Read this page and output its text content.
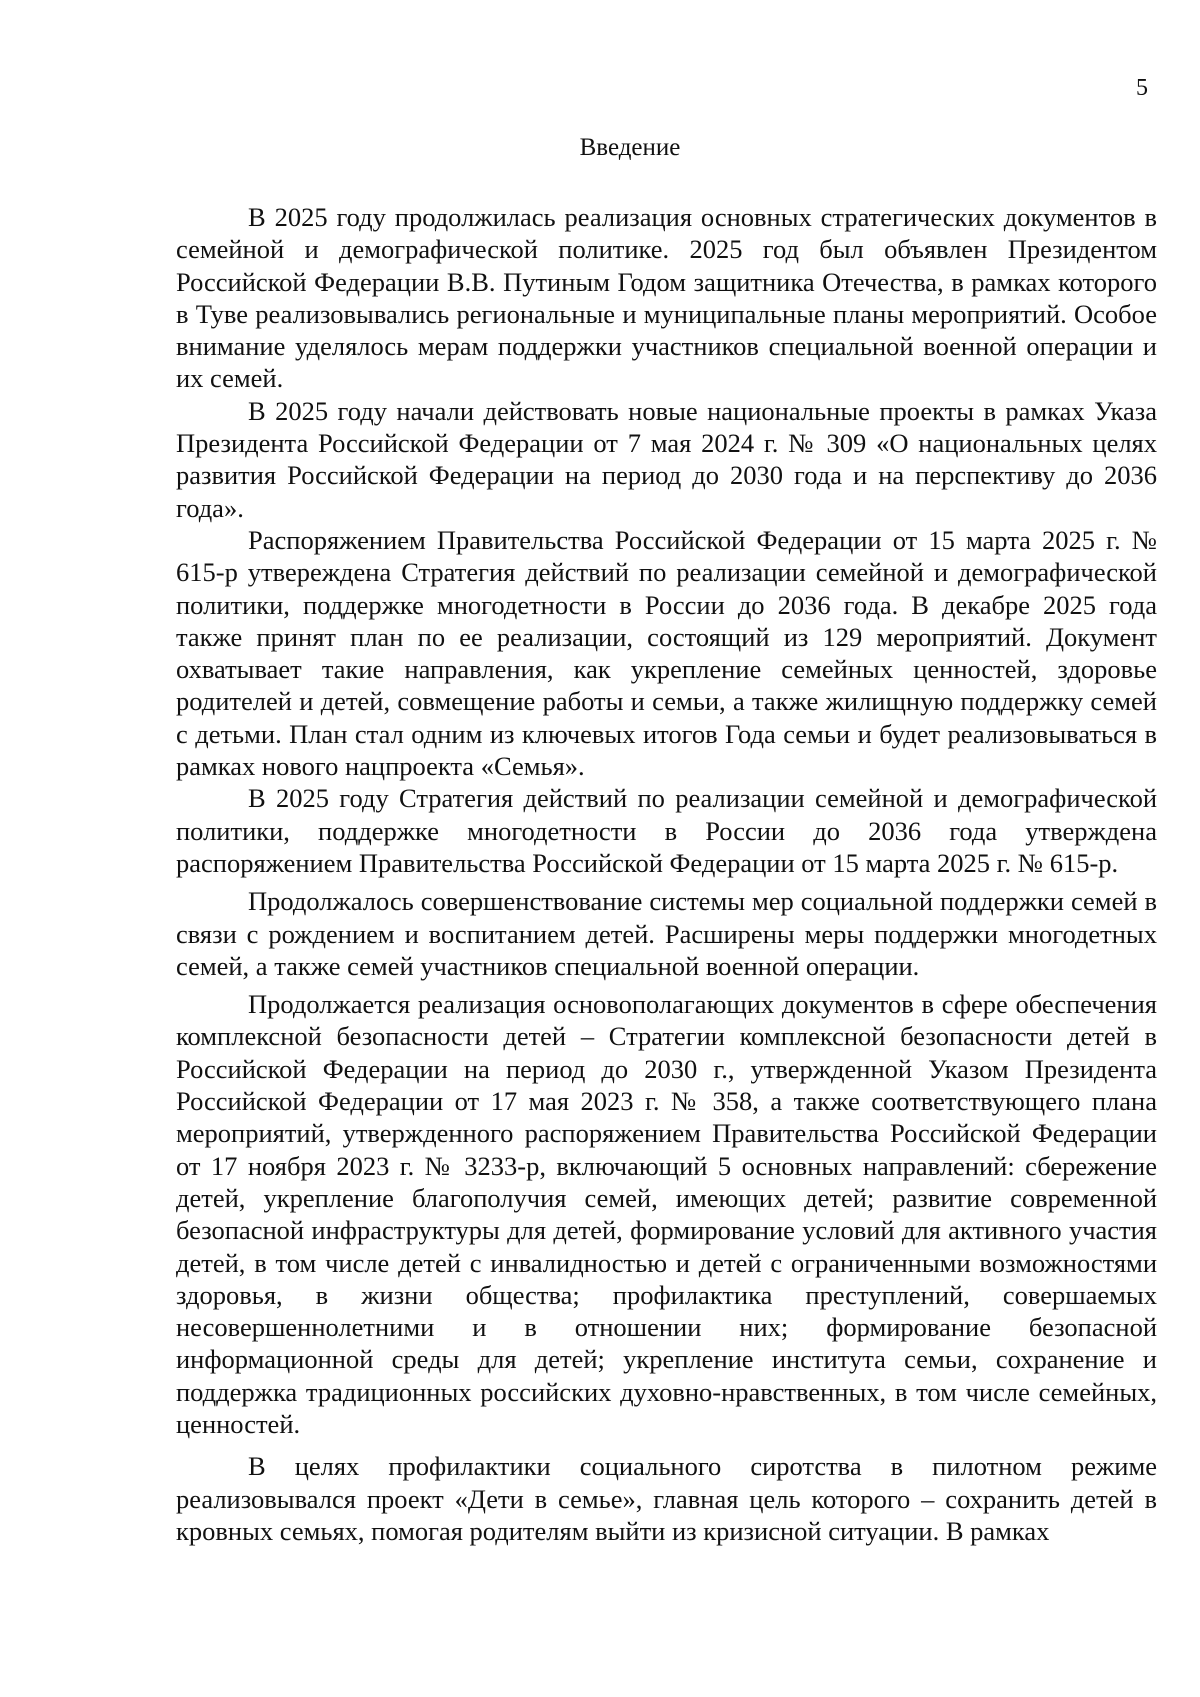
5
Введение

В 2025 году продолжилась реализация основных стратегических документов в семейной и демографической политике. 2025 год был объявлен Президентом Российской Федерации В.В. Путиным Годом защитника Отечества, в рамках которого в Туве реализовывались региональные и муниципальные планы мероприятий. Особое внимание уделялось мерам поддержки участников специальной военной операции и их семей.

В 2025 году начали действовать новые национальные проекты в рамках Указа Президента Российской Федерации от 7 мая 2024 г. № 309 «О национальных целях развития Российской Федерации на период до 2030 года и на перспективу до 2036 года».

Распоряжением Правительства Российской Федерации от 15 марта 2025 г. № 615-р утвереждена Стратегия действий по реализации семейной и демографической политики, поддержке многодетности в России до 2036 года. В декабре 2025 года также принят план по ее реализации, состоящий из 129 мероприятий. Документ охватывает такие направления, как укрепление семейных ценностей, здоровье родителей и детей, совмещение работы и семьи, а также жилищную поддержку семей с детьми. План стал одним из ключевых итогов Года семьи и будет реализовываться в рамках нового нацпроекта «Семья».

В 2025 году Стратегия действий по реализации семейной и демографической политики, поддержке многодетности в России до 2036 года утверждена распоряжением Правительства Российской Федерации от 15 марта 2025 г. № 615-р.

Продолжалось совершенствование системы мер социальной поддержки семей в связи с рождением и воспитанием детей. Расширены меры поддержки многодетных семей, а также семей участников специальной военной операции.

Продолжается реализация основополагающих документов в сфере обеспечения комплексной безопасности детей – Стратегии комплексной безопасности детей в Российской Федерации на период до 2030 г., утвержденной Указом Президента Российской Федерации от 17 мая 2023 г. № 358, а также соответствующего плана мероприятий, утвержденного распоряжением Правительства Российской Федерации от 17 ноября 2023 г. № 3233-р, включающий 5 основных направлений: сбережение детей, укрепление благополучия семей, имеющих детей; развитие современной безопасной инфраструктуры для детей, формирование условий для активного участия детей, в том числе детей с инвалидностью и детей с ограниченными возможностями здоровья, в жизни общества; профилактика преступлений, совершаемых несовершеннолетними и в отношении них; формирование безопасной информационной среды для детей; укрепление института семьи, сохранение и поддержка традиционных российских духовно-нравственных, в том числе семейных, ценностей.

В целях профилактики социального сиротства в пилотном режиме реализовывался проект «Дети в семье», главная цель которого – сохранить детей в кровных семьях, помогая родителям выйти из кризисной ситуации. В рамках
